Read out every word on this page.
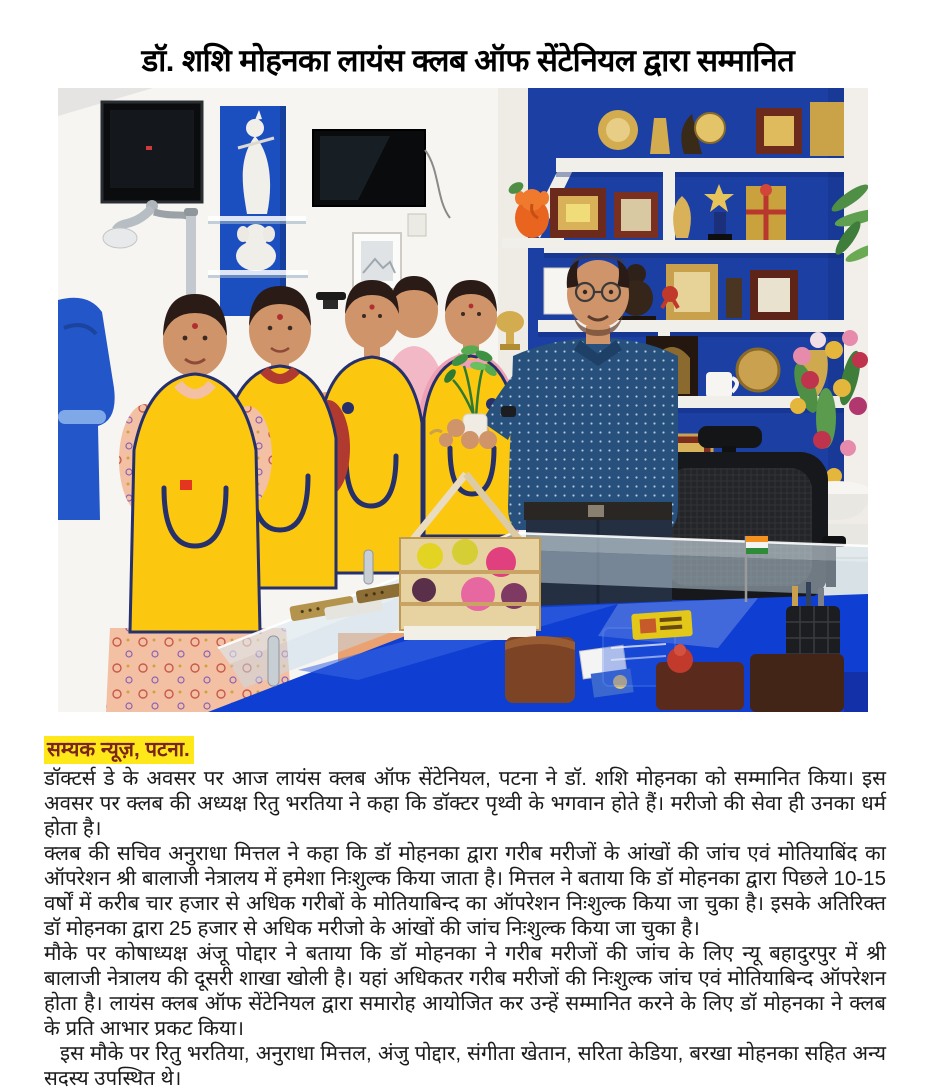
डॉ. शशि मोहनका लायंस क्लब ऑफ सेंटेनियल द्वारा सम्मानित
सम्यक न्यूज़, पटना.

डॉक्टर्स डे के अवसर पर आज लायंस क्लब ऑफ सेंटेनियल, पटना ने डॉ. शशि मोहनका को सम्मानित किया। इस अवसर पर क्लब की अध्यक्ष रितु भरतिया ने कहा कि डॉक्टर पृथ्वी के भगवान होते हैं। मरीजो की सेवा ही उनका धर्म होता है।

क्लब की सचिव अनुराधा मित्तल ने कहा कि डॉ मोहनका द्वारा गरीब मरीजों के आंखों की जांच एवं मोतियाबिंद का ऑपरेशन श्री बालाजी नेत्रालय में हमेशा निःशुल्क किया जाता है। मित्तल ने बताया कि डॉ मोहनका द्वारा पिछले 10-15 वर्षों में करीब चार हजार से अधिक गरीबों के मोतियाबिन्द का ऑपरेशन निःशुल्क किया जा चुका है। इसके अतिरिक्त डॉ मोहनका द्वारा 25 हजार से अधिक मरीजो के आंखों की जांच निःशुल्क किया जा चुका है।

मौके पर कोषाध्यक्ष अंजू पोद्दार ने बताया कि डॉ मोहनका ने गरीब मरीजों की जांच के लिए न्यू बहादुरपुर में श्री बालाजी नेत्रालय की दूसरी शाखा खोली है। यहां अधिकतर गरीब मरीजों की निःशुल्क जांच एवं मोतियाबिन्द ऑपरेशन होता है। लायंस क्लब ऑफ सेंटेनियल द्वारा समारोह आयोजित कर उन्हें सम्मानित करने के लिए डॉ मोहनका ने क्लब के प्रति आभार प्रकट किया।

इस मौके पर रितु भरतिया, अनुराधा मित्तल, अंजु पोद्दार, संगीता खेतान, सरिता केडिया, बरखा मोहनका सहित अन्य सदस्य उपस्थित थे।
